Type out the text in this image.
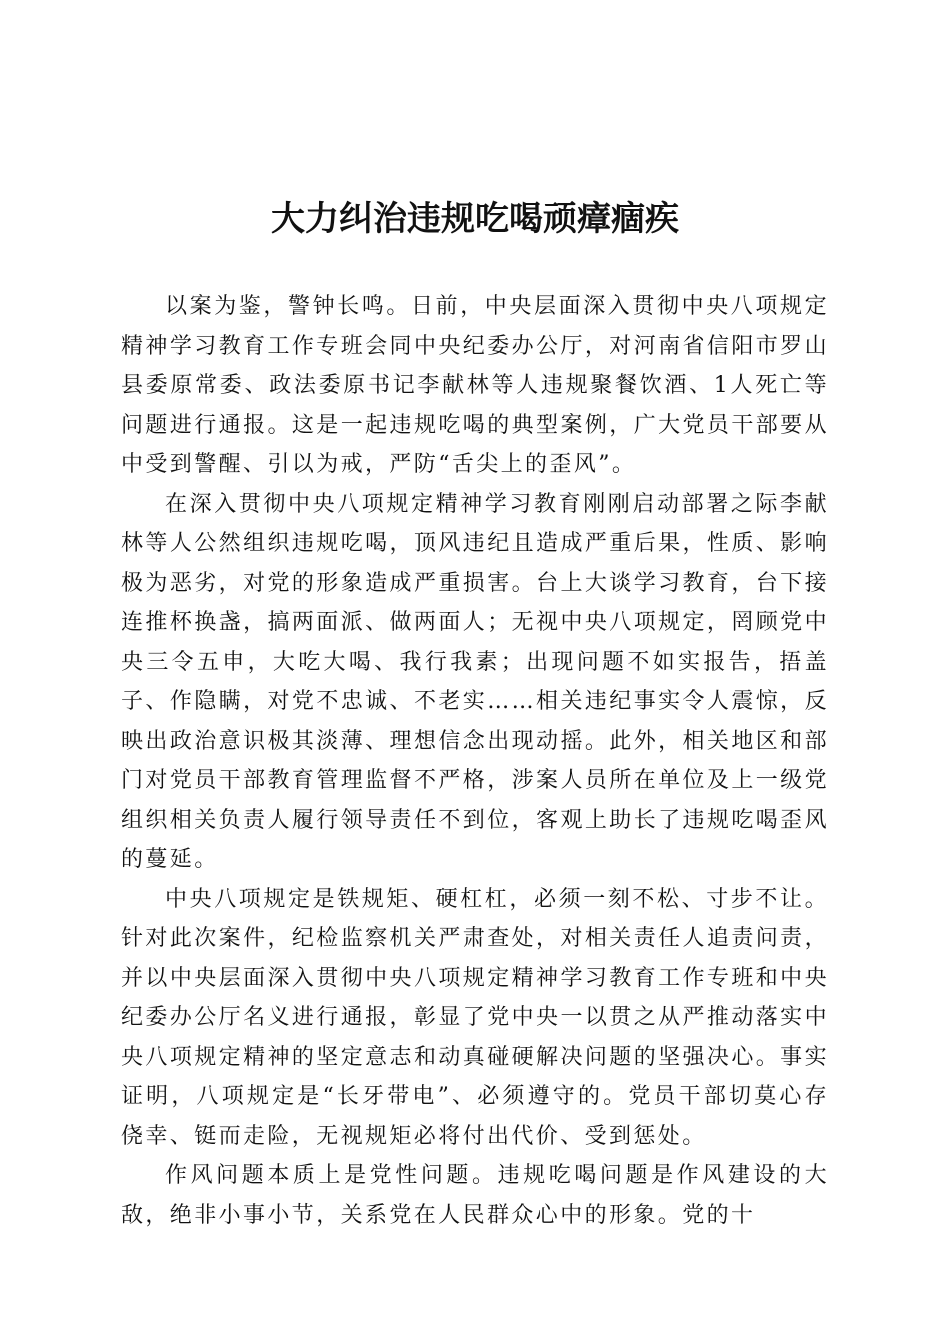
大力纠治违规吃喝顽瘴痼疾

以案为鉴，警钟长鸣。日前，中央层面深入贯彻中央八项规定精神学习教育工作专班会同中央纪委办公厅，对河南省信阳市罗山县委原常委、政法委原书记李献林等人违规聚餐饮酒、1人死亡等问题进行通报。这是一起违规吃喝的典型案例，广大党员干部要从中受到警醒、引以为戒，严防“舌尖上的歪风”。

在深入贯彻中央八项规定精神学习教育刚刚启动部署之际李献林等人公然组织违规吃喝，顶风违纪且造成严重后果，性质、影响极为恶劣，对党的形象造成严重损害。台上大谈学习教育，台下接连推杯换盏，搞两面派、做两面人；无视中央八项规定，罔顾党中央三令五申，大吃大喝、我行我素；出现问题不如实报告，捂盖子、作隐瞒，对党不忠诚、不老实……相关违纪事实令人震惊，反映出政治意识极其淡薄、理想信念出现动摇。此外，相关地区和部门对党员干部教育管理监督不严格，涉案人员所在单位及上一级党组织相关负责人履行领导责任不到位，客观上助长了违规吃喝歪风的蔓延。

中央八项规定是铁规矩、硬杠杠，必须一刻不松、寸步不让。针对此次案件，纪检监察机关严肃查处，对相关责任人追责问责，并以中央层面深入贯彻中央八项规定精神学习教育工作专班和中央纪委办公厅名义进行通报，彰显了党中央一以贯之从严推动落实中央八项规定精神的坚定意志和动真碰硬解决问题的坚强决心。事实证明，八项规定是“长牙带电”、必须遵守的。党员干部切莫心存侥幸、铤而走险，无视规矩必将付出代价、受到惩处。

作风问题本质上是党性问题。违规吃喝问题是作风建设的大敌，绝非小事小节，关系党在人民群众心中的形象。党的十
